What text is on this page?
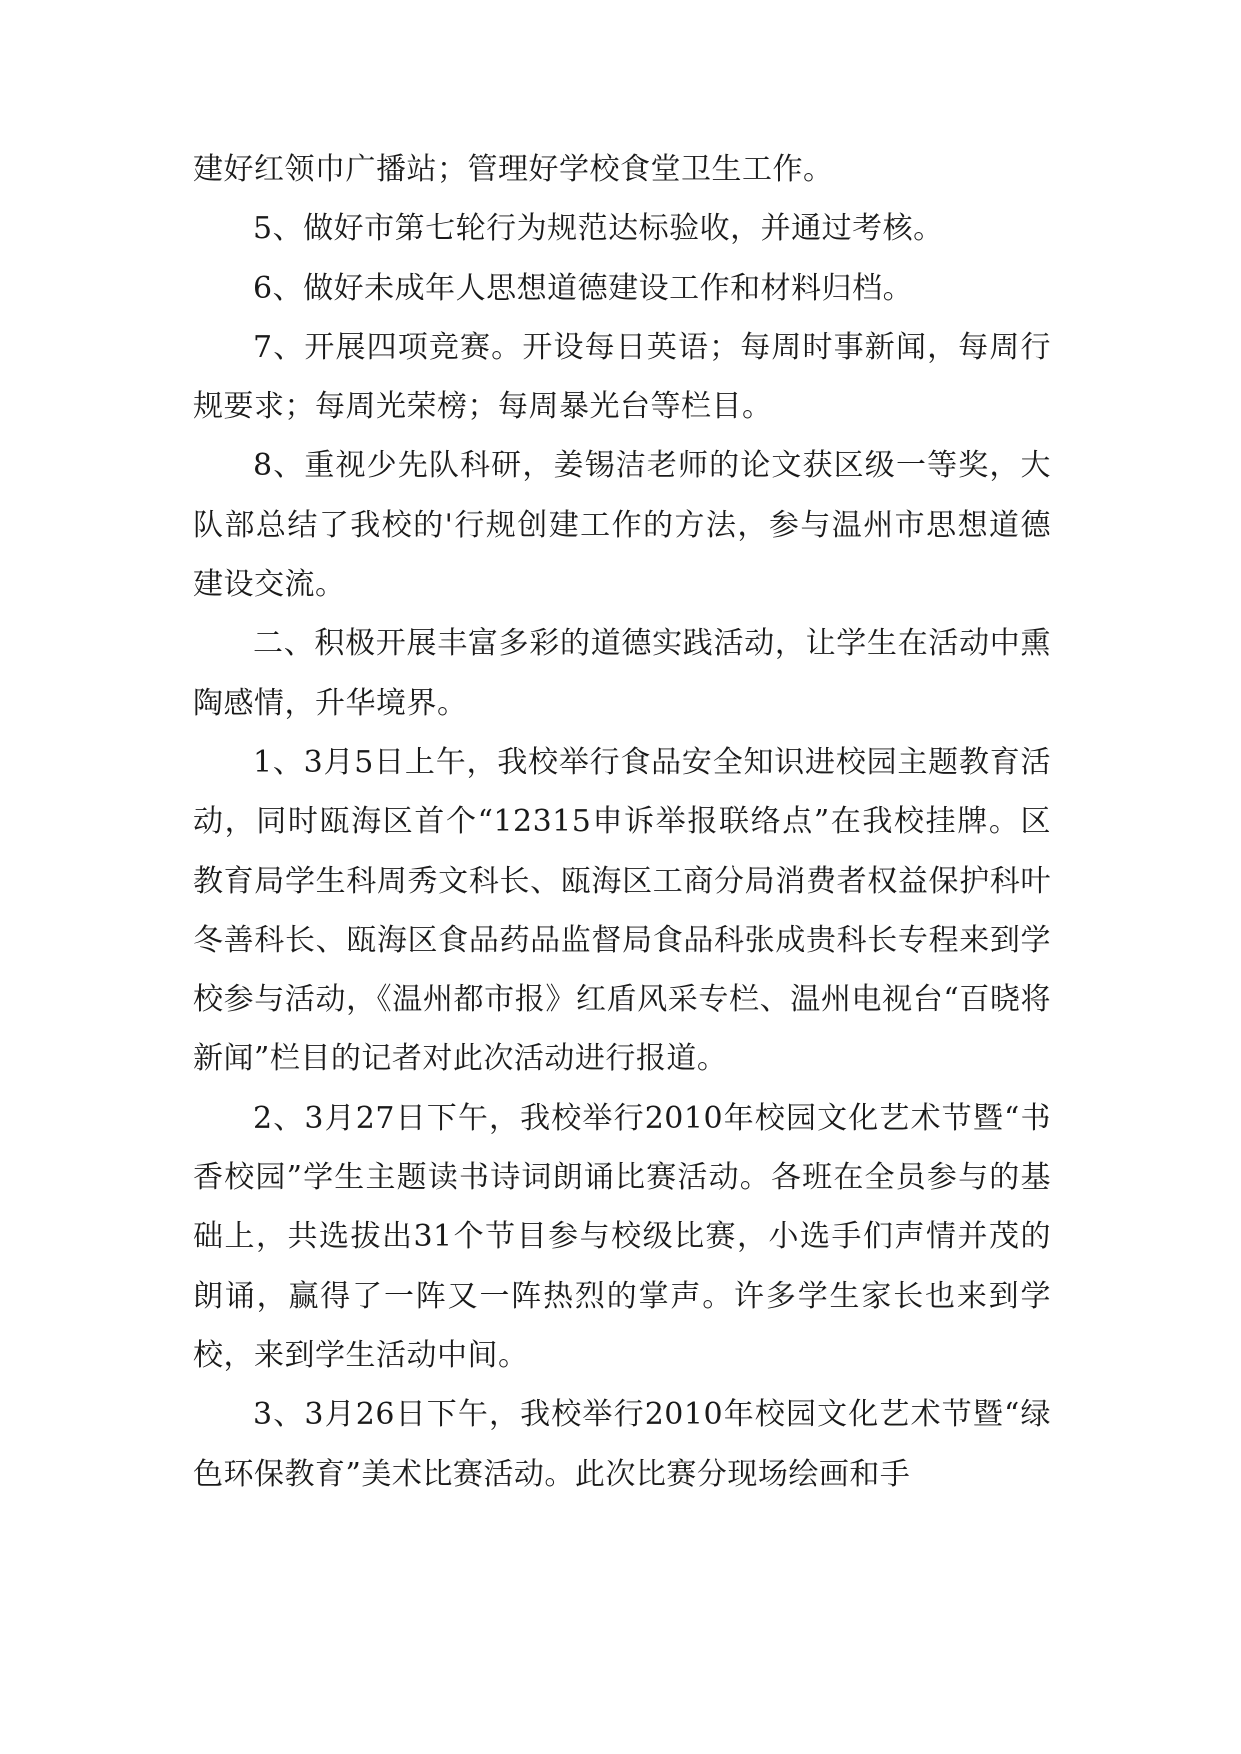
建好红领巾广播站；管理好学校食堂卫生工作。

5、做好市第七轮行为规范达标验收，并通过考核。

6、做好未成年人思想道德建设工作和材料归档。

7、开展四项竞赛。开设每日英语；每周时事新闻，每周行规要求；每周光荣榜；每周暴光台等栏目。

8、重视少先队科研，姜锡洁老师的论文获区级一等奖，大队部总结了我校的'行规创建工作的方法，参与温州市思想道德建设交流。

二、积极开展丰富多彩的道德实践活动，让学生在活动中熏陶感情，升华境界。

1、3月5日上午，我校举行食品安全知识进校园主题教育活动，同时瓯海区首个“12315申诉举报联络点”在我校挂牌。区教育局学生科周秀文科长、瓯海区工商分局消费者权益保护科叶冬善科长、瓯海区食品药品监督局食品科张成贵科长专程来到学校参与活动，《温州都市报》红盾风采专栏、温州电视台“百晓将新闻”栏目的记者对此次活动进行报道。

2、3月27日下午，我校举行2010年校园文化艺术节暨“书香校园”学生主题读书诗词朗诵比赛活动。各班在全员参与的基础上，共选拔出31个节目参与校级比赛，小选手们声情并茂的朗诵，赢得了一阵又一阵热烈的掌声。许多学生家长也来到学校，来到学生活动中间。

3、3月26日下午，我校举行2010年校园文化艺术节暨“绿色环保教育”美术比赛活动。此次比赛分现场绘画和手
